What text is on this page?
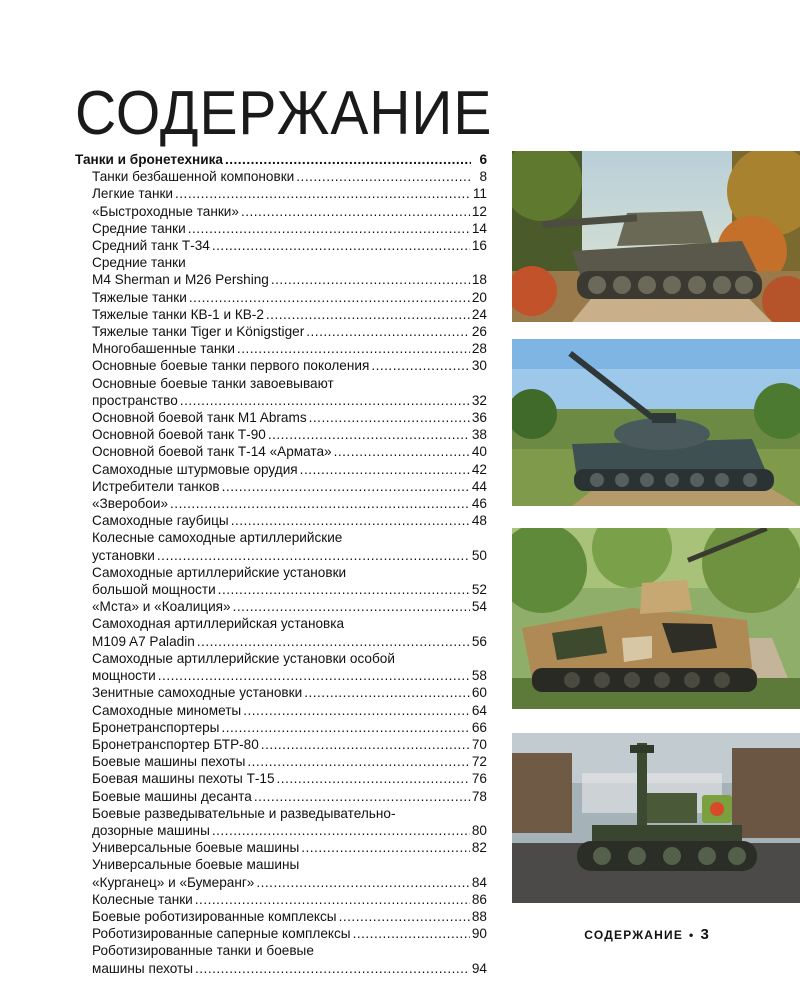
СОДЕРЖАНИЕ
Танки и бронетехника .....	6
Танки безбашенной компоновки .....	8
Легкие танки .....	11
«Быстроходные танки» .....	12
Средние танки .....	14
Средний танк Т-34 .....	16
Средние танки
M4 Sherman и M26 Pershing .....	18
Тяжелые танки .....	20
Тяжелые танки КВ-1 и КВ-2 .....	24
Тяжелые танки Tiger и Königstiger .....	26
Многобашенные танки .....	28
Основные боевые танки первого поколения .....	30
Основные боевые танки завоевывают
пространство .....	32
Основной боевой танк M1 Abrams .....	36
Основной боевой танк Т-90 .....	38
Основной боевой танк Т-14 «Армата» .....	40
Самоходные штурмовые орудия .....	42
Истребители танков .....	44
«Зверобои» .....	46
Самоходные гаубицы .....	48
Колесные самоходные артиллерийские
установки .....	50
Самоходные артиллерийские установки
большой мощности .....	52
«Мста» и «Коалиция» .....	54
Самоходная артиллерийская установка
M109 A7 Paladin .....	56
Самоходные артиллерийские установки особой
мощности .....	58
Зенитные самоходные установки .....	60
Самоходные минометы .....	64
Бронетранспортеры .....	66
Бронетранспортер БТР-80 .....	70
Боевые машины пехоты .....	72
Боевая машины пехоты Т-15 .....	76
Боевые машины десанта .....	78
Боевые разведывательные и разведывательно-
дозорные машины .....	80
Универсальные боевые машины .....	82
Универсальные боевые машины
«Курганец» и «Бумеранг» .....	84
Колесные танки .....	86
Боевые роботизированные комплексы .....	88
Роботизированные саперные комплексы .....	90
Роботизированные танки и боевые
машины пехоты .....	94
СОДЕРЖАНИЕ • 3
